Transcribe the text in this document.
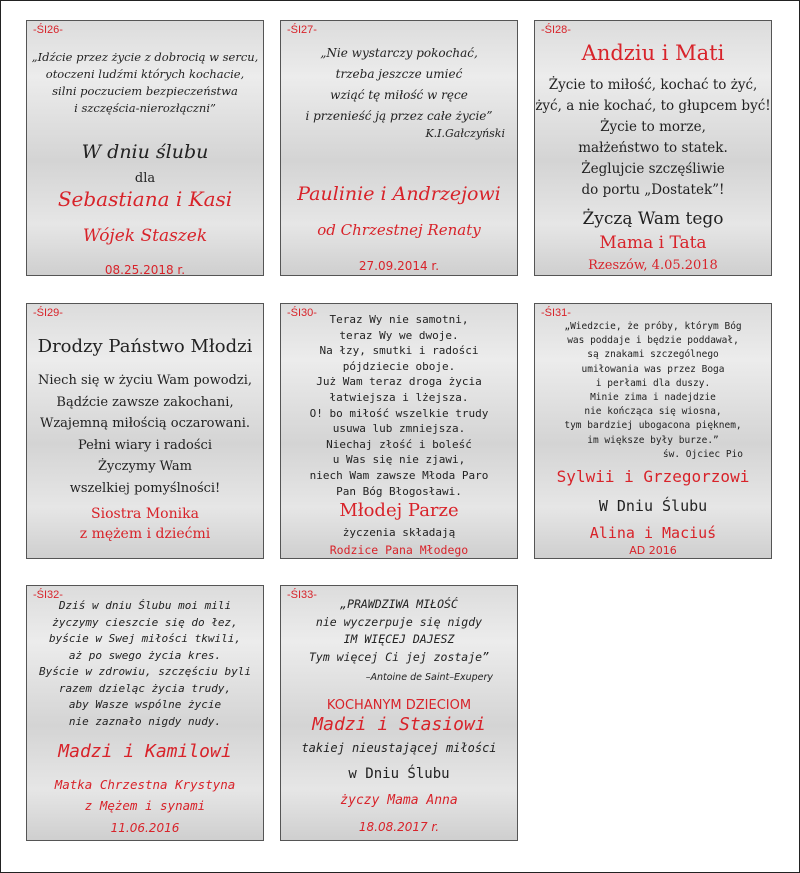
-ŚI26-
„Idźcie przez życie z dobrocią w sercu,
otoczeni ludźmi których kochacie,
silni poczuciem bezpieczeństwa
i szczęścia-nierozłączni”
W dniu ślubu
dla
Sebastiana i Kasi
Wójek Staszek
08.25.2018 r.
-ŚI27-
„Nie wystarczy pokochać,
trzeba jeszcze umieć
wziąć tę miłość w ręce
i przenieść ją przez całe życie”
K.I.Gałczyński
Paulinie i Andrzejowi
od Chrzestnej Renaty
27.09.2014 r.
-ŚI28-
Andziu i Mati
Życie to miłość, kochać to żyć,
żyć, a nie kochać, to głupcem być!
Życie to morze,
małżeństwo to statek.
Żeglujcie szczęśliwie
do portu „Dostatek”!
Życzą Wam tego
Mama i Tata
Rzeszów, 4.05.2018
-ŚI29-
Drodzy Państwo Młodzi
Niech się w życiu Wam powodzi,
Bądźcie zawsze zakochani,
Wzajemną miłością oczarowani.
Pełni wiary i radości
Życzymy Wam
wszelkiej pomyślności!
Siostra Monika
z mężem i dziećmi
-ŚI30-	Teraz Wy nie samotni,
teraz Wy we dwoje.
Na łzy, smutki i radości
pójdziecie oboje.
Już Wam teraz droga życia
łatwiejsza i lżejsza.
O! bo miłość wszelkie trudy
usuwa lub zmniejsza.
Niechaj złość i boleść
u Was się nie zjawi,
niech Wam zawsze Młoda Paro
Pan Bóg Błogosławi.
Młodej Parze
życzenia składają
Rodzice Pana Młodego
-ŚI31-
„Wiedzcie, że próby, którym Bóg
was poddaje i będzie poddawał,
są znakami szczególnego
umiłowania was przez Boga
i perłami dla duszy.
Minie zima i nadejdzie
nie kończąca się wiosna,
tym bardziej ubogacona pięknem,
im większe były burze.”
św. Ojciec Pio
Sylwii i Grzegorzowi
W Dniu Ślubu
Alina i Maciuś
AD 2016
-ŚI32-
Dziś w dniu Ślubu moi mili
życzymy cieszcie się do łez,
byście w Swej miłości tkwili,
aż po swego życia kres.
Byście w zdrowiu, szczęściu byli
razem dzieląc życia trudy,
aby Wasze wspólne życie
nie zaznało nigdy nudy.
Madzi i Kamilowi
Matka Chrzestna Krystyna
z Mężem i synami
11.06.2016
-ŚI33-
„PRAWDZIWA MIŁOŚĆ
nie wyczerpuje się nigdy
IM WIĘCEJ DAJESZ
Tym więcej Ci jej zostaje”
–Antoine de Saint–Exupery
KOCHANYM DZIECIOM
Madzi i Stasiowi
takiej nieustającej miłości
w Dniu Ślubu
życzy Mama Anna
18.08.2017 r.
